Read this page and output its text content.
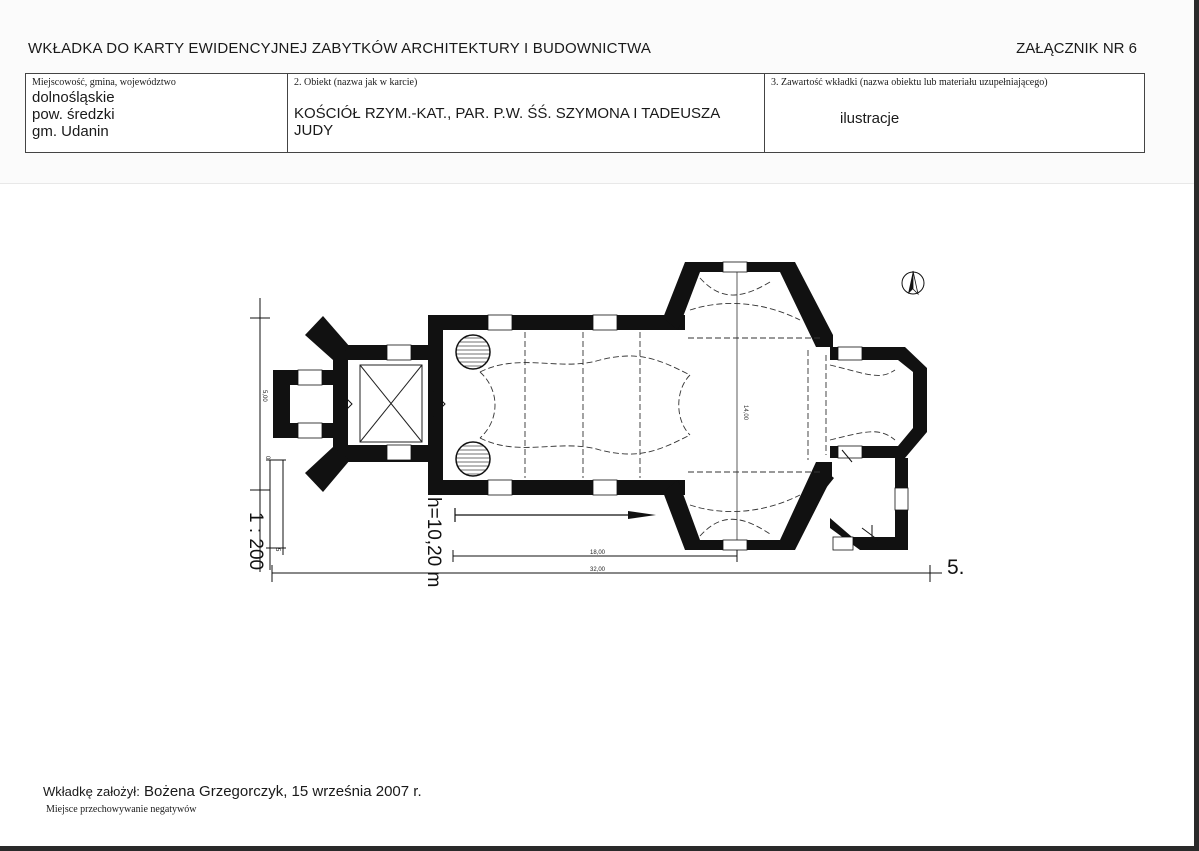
WKŁADKA DO KARTY EWIDENCYJNEJ ZABYTKÓW ARCHITEKTURY I BUDOWNICTWA	ZAŁĄCZNIK NR 6
Miejscowość, gmina, województwo
dolnośląskie
pow. średzki
gm. Udanin
2. Obiekt (nazwa jak w karcie)
KOŚCIÓŁ RZYM.-KAT., PAR. P.W. ŚŚ. SZYMONA I TADEUSZA JUDY
3. Zawartość wkładki (nazwa obiektu lub materiału uzupełniającego)
ilustracje
14,00
5,00
0
5
1 : 200	h=10,20 m	18,00
32,00	5.
Wkładkę założył: Bożena Grzegorczyk, 15 września 2007 r.
Miejsce przechowywanie negatywów
